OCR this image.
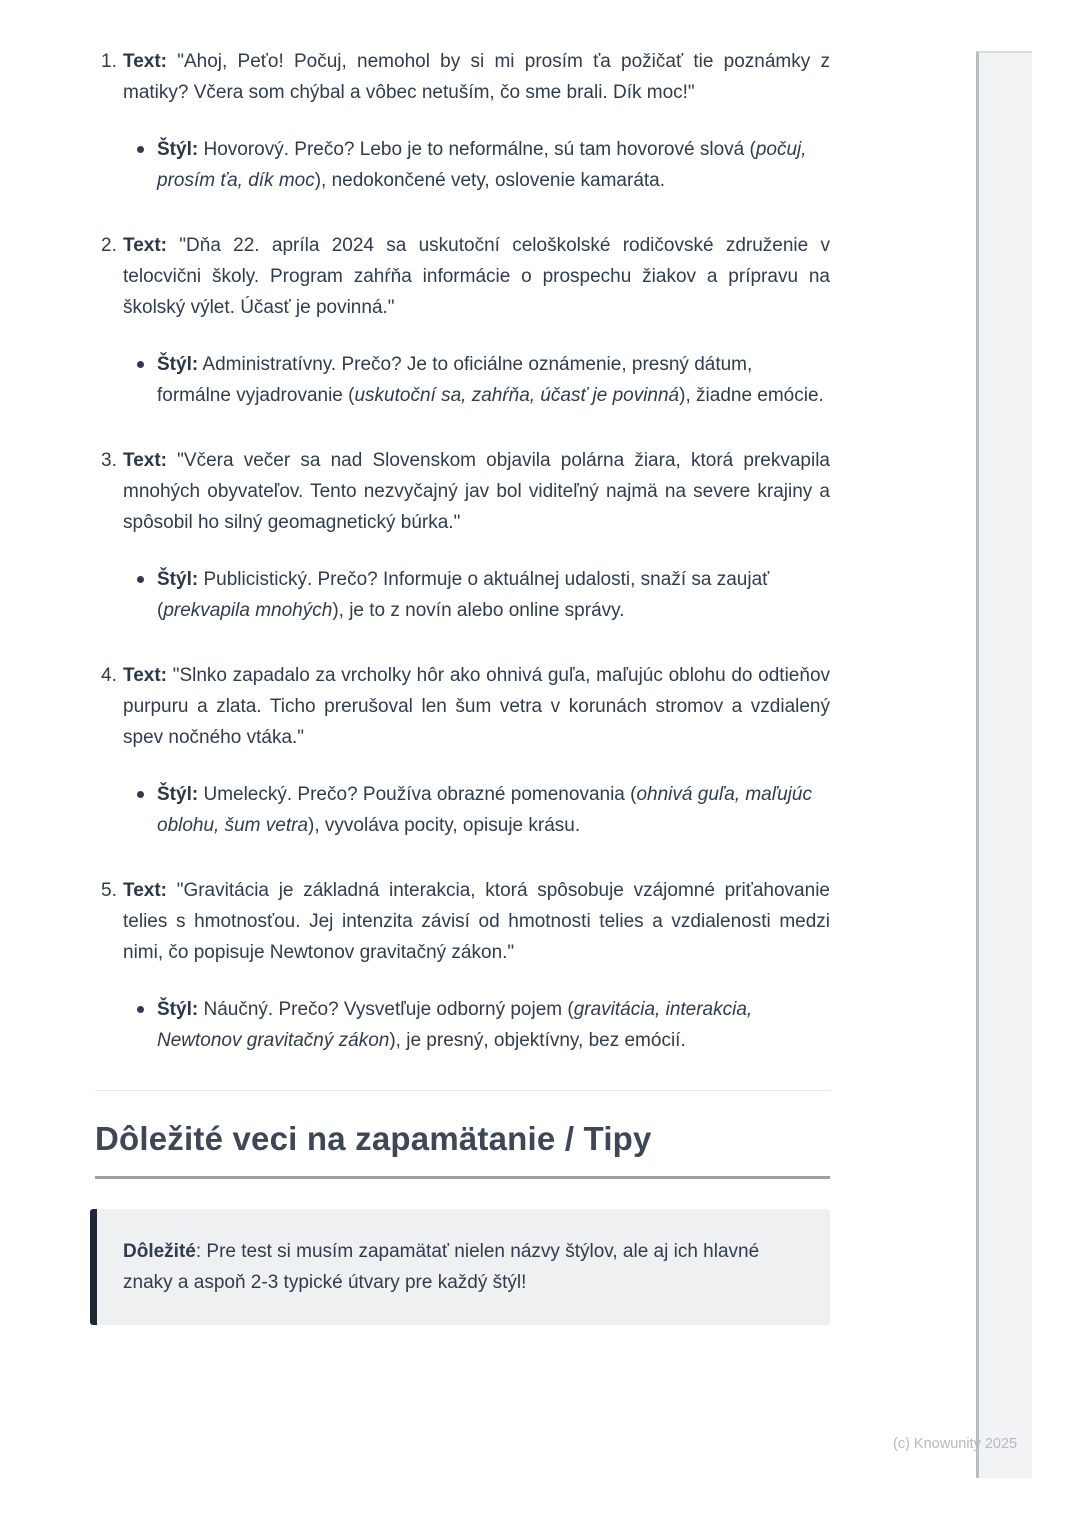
(c) Knowunity 2025
1. Text: "Ahoj, Peťo! Počuj, nemohol by si mi prosím ťa požičať tie poznámky z matiky? Včera som chýbal a vôbec netuším, čo sme brali. Dík moc!"

Štýl: Hovorový. Prečo? Lebo je to neformálne, sú tam hovorové slová (počuj, prosím ťa, dík moc), nedokončené vety, oslovenie kamaráta.

2. Text: "Dňa 22. apríla 2024 sa uskutoční celoškolské rodičovské združenie v telocvični školy. Program zahŕňa informácie o prospechu žiakov a prípravu na školský výlet. Účasť je povinná."

Štýl: Administratívny. Prečo? Je to oficiálne oznámenie, presný dátum, formálne vyjadrovanie (uskutoční sa, zahŕňa, účasť je povinná), žiadne emócie.

3. Text: "Včera večer sa nad Slovenskom objavila polárna žiara, ktorá prekvapila mnohých obyvateľov. Tento nezvyčajný jav bol viditeľný najmä na severe krajiny a spôsobil ho silný geomagnetický búrka."

Štýl: Publicistický. Prečo? Informuje o aktuálnej udalosti, snaží sa zaujať (prekvapila mnohých), je to z novín alebo online správy.

4. Text: "Slnko zapadalo za vrcholky hôr ako ohnivá guľa, maľujúc oblohu do odtieňov purpuru a zlata. Ticho prerušoval len šum vetra v korunách stromov a vzdialený spev nočného vtáka."

Štýl: Umelecký. Prečo? Používa obrazné pomenovania (ohnivá guľa, maľujúc oblohu, šum vetra), vyvoláva pocity, opisuje krásu.

5. Text: "Gravitácia je základná interakcia, ktorá spôsobuje vzájomné priťahovanie telies s hmotnosťou. Jej intenzita závisí od hmotnosti telies a vzdialenosti medzi nimi, čo popisuje Newtonov gravitačný zákon."

Štýl: Náučný. Prečo? Vysvetľuje odborný pojem (gravitácia, interakcia, Newtonov gravitačný zákon), je presný, objektívny, bez emócií.

Dôležité veci na zapamätanie / Tipy

Dôležité: Pre test si musím zapamätať nielen názvy štýlov, ale aj ich hlavné znaky a aspoň 2-3 typické útvary pre každý štýl!
